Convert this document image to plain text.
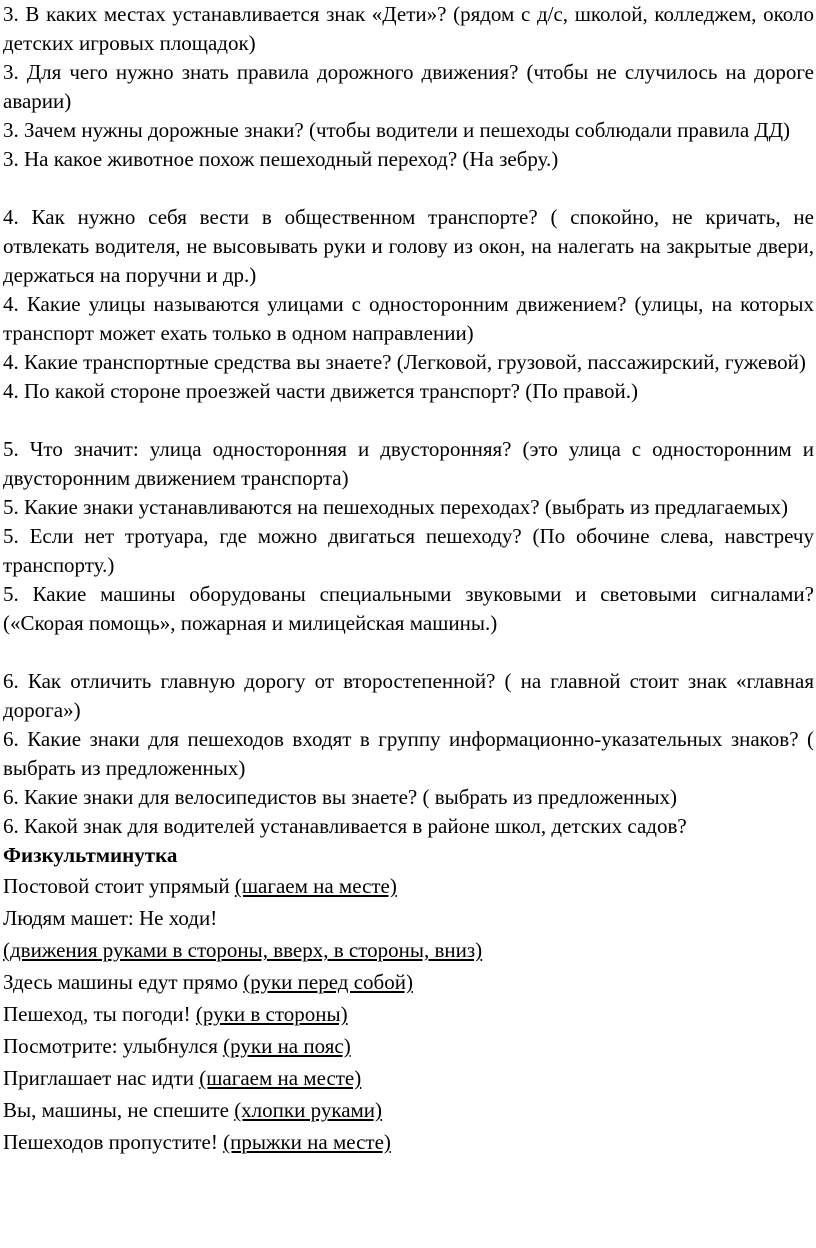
3. В каких местах устанавливается знак «Дети»? (рядом с д/с, школой, колледжем, около детских игровых площадок)

3. Для чего нужно знать правила дорожного движения? (чтобы не случилось на дороге аварии)

3. Зачем нужны дорожные знаки? (чтобы водители и пешеходы соблюдали правила ДД)

3. На какое животное похож пешеходный переход? (На зебру.)

4. Как нужно себя вести в общественном транспорте? ( спокойно, не кричать, не отвлекать водителя, не высовывать руки и голову из окон, на налегать на закрытые двери, держаться на поручни и др.)

4. Какие улицы называются улицами с односторонним движением? (улицы, на которых транспорт может ехать только в одном направлении)

4. Какие транспортные средства вы знаете? (Легковой, грузовой, пассажирский, гужевой)

4. По какой стороне проезжей части движется транспорт? (По правой.)

5. Что значит: улица односторонняя и двусторонняя? (это улица с односторонним и двусторонним движением транспорта)

5. Какие знаки устанавливаются на пешеходных переходах? (выбрать из предлагаемых)

5. Если нет тротуара, где можно двигаться пешеходу? (По обочине слева, навстречу транспорту.)

5. Какие машины оборудованы специальными звуковыми и световыми сигналами? («Скорая помощь», пожарная и милицейская машины.)

6. Как отличить главную дорогу от второстепенной? ( на главной стоит знак «главная дорога»)

6. Какие знаки для пешеходов входят в группу информационно-указательных знаков? ( выбрать из предложенных)

6. Какие знаки для велосипедистов вы знаете? ( выбрать из предложенных)

6. Какой знак для водителей устанавливается в районе школ, детских садов?

Физкультминутка

Постовой стоит упрямый (шагаем на месте)

Людям машет: Не ходи!

(движения руками в стороны, вверх, в стороны, вниз)

Здесь машины едут прямо (руки перед собой)

Пешеход, ты погоди! (руки в стороны)

Посмотрите: улыбнулся (руки на пояс)

Приглашает нас идти (шагаем на месте)

Вы, машины, не спешите (хлопки руками)

Пешеходов пропустите! (прыжки на месте)
